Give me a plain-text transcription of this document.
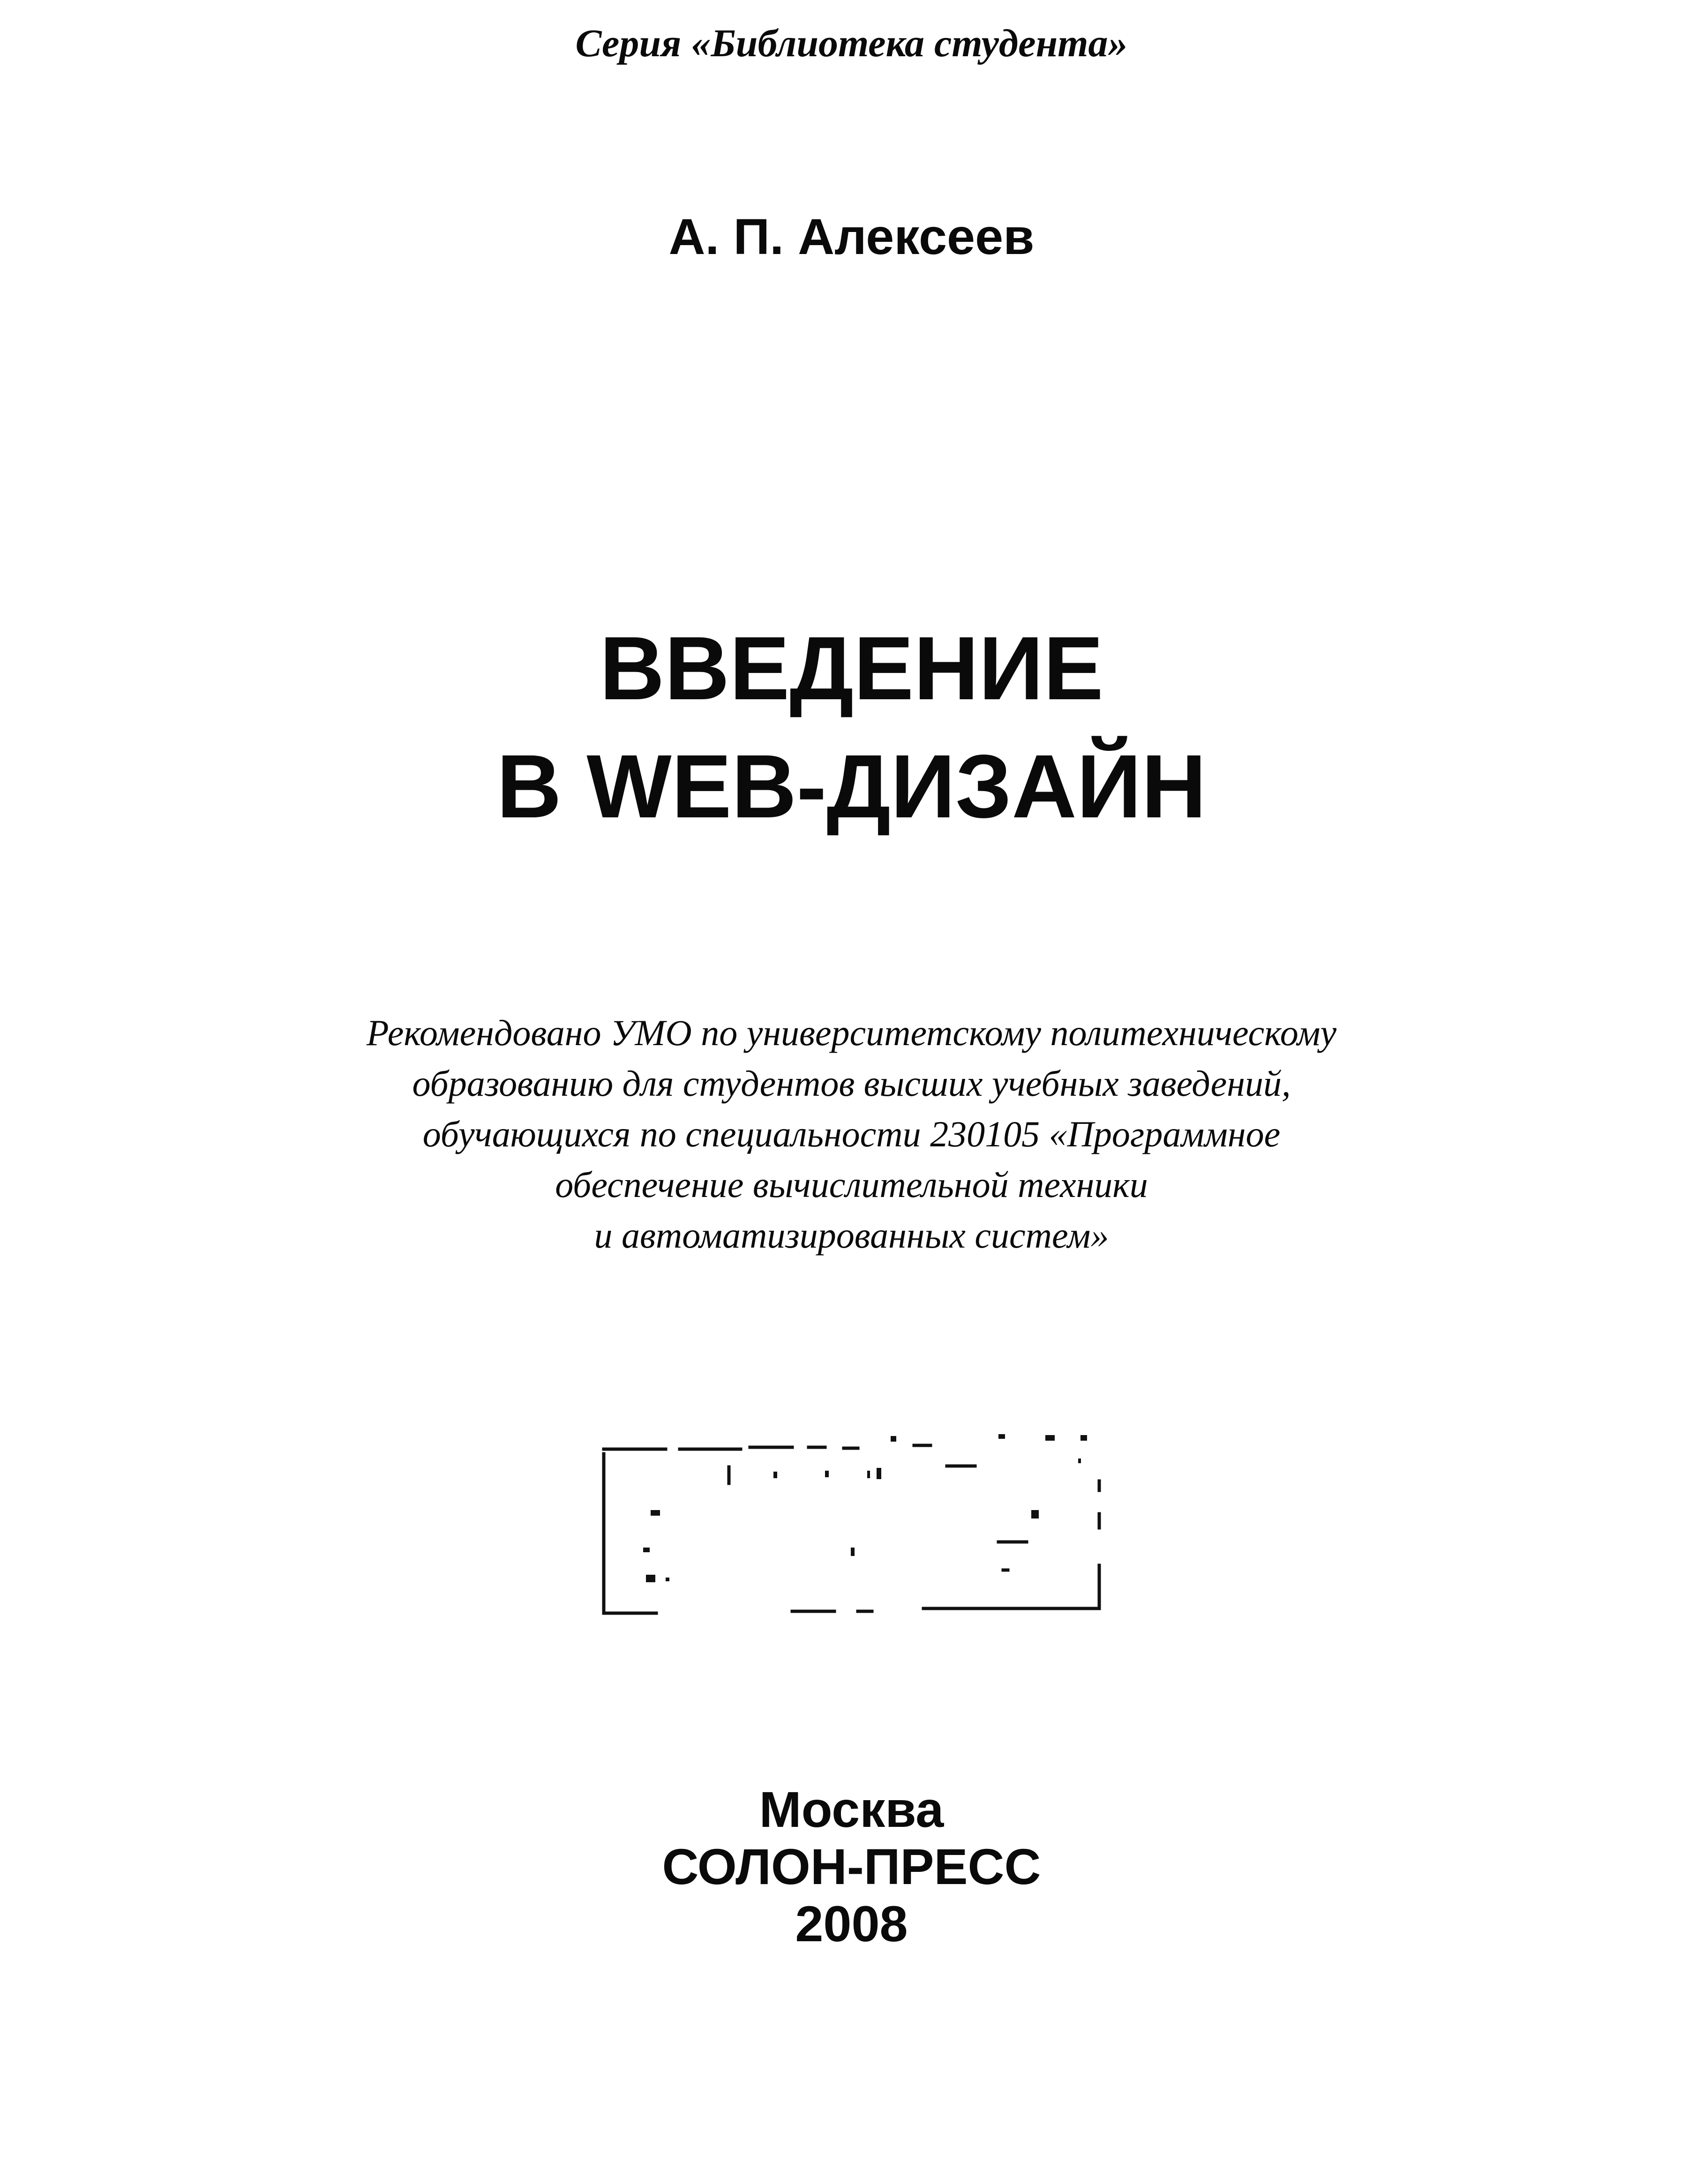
Серия «Библиотека студента»
А. П. Алексеев
ВВЕДЕНИЕ
В WEB-ДИЗАЙН
Рекомендовано УМО по университетскому политехническому
образованию для студентов высших учебных заведений,
обучающихся по специальности 230105 «Программное
обеспечение вычислительной техники
и автоматизированных систем»
Москва
СОЛОН-ПРЕСС
2008
